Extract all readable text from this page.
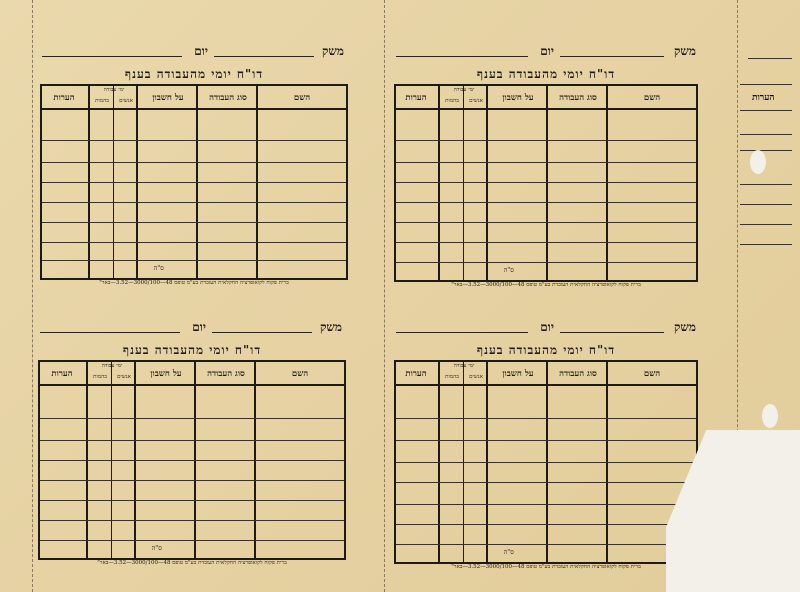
משק
יום
דו"ח יומי מהעבודה בענף
השם
סוג העבודה
על חשבון
ימי עבודה
אנשים
בהמות
הערות
ס"ה
ברית פקוח לקואופרציה החקלאית העובדת בע"מ טופס 48—3000/100—3.52—באר"
משק
יום
דו"ח יומי מהעבודה בענף
השם
סוג העבודה
על חשבון
ימי עבודה
אנשים
בהמות
הערות
ס"ה
ברית פקוח לקואופרציה החקלאית העובדת בע"מ טופס 48—3000/100—3.52—באר"
משק
יום
דו"ח יומי מהעבודה בענף
השם
סוג העבודה
על חשבון
ימי עבודה
אנשים
בהמות
הערות
ס"ה
ברית פקוח לקואופרציה החקלאית העובדת בע"מ טופס 48—3000/100—3.52—באר"
משק
יום
דו"ח יומי מהעבודה בענף
השם
סוג העבודה
על חשבון
ימי עבודה
אנשים
בהמות
הערות
ס"ה
ברית פקוח לקואופרציה החקלאית העובדת בע"מ טופס 48—3000/100—3.52—באר"
הערות
